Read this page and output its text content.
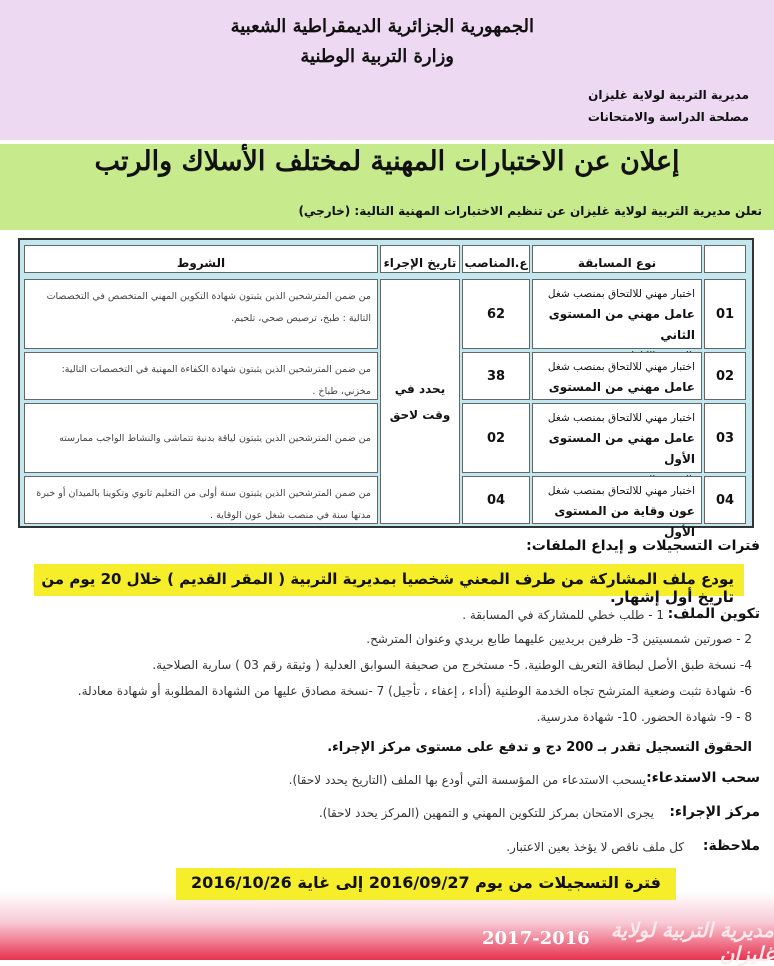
الجمهورية الجزائرية الديمقراطية الشعبية
وزارة التربية الوطنية
مديرية التربية لولاية غليزان
مصلحة الدراسة والامتحانات
إعلان عن الاختبارات المهنية لمختلف الأسلاك والرتب
تعلن مديرية التربية لولاية غليزان عن تنظيم الاختبارات المهنية التالية: (خارجي)
نوع المسابقة
ع.المناصب
تاريخ الإجراء
الشروط
01
اختبار مهني للالتحاق بمنصب شغل
عامل مهني من المستوى الثاني
62
من ضمن المترشحين الذين يثبتون شهادة التكوين المهني المتخصص في التخصصات التالية : طبخ، ترصيص صحي، تلحيم.
02
اختبار مهني للالتحاق بمنصب شغل
عامل مهني من المستوى
38
من ضمن المترشحين الذين يثبتون شهادة الكفاءة المهنية في التخصصات التالية: مخزني، طباخ .
03
اختبار مهني للالتحاق بمنصب شغل
عامل مهني من المستوى الأول
02
من ضمن المترشحين الذين يثبتون لياقة بدنية تتماشى والنشاط الواجب ممارسته
04
اختبار مهني للالتحاق بمنصب شغل
عون وقاية من المستوى الأول
04
من ضمن المترشحين الذين يثبتون سنة أولى من التعليم ثانوي وتكوينا بالميدان أو خبرة مدتها سنة في منصب شغل عون الوقاية .
يحدد في وقت لاحق
فترات التسجيلات و إيداع الملفات:
يودع ملف المشاركة من طرف المعني شخصيا بمديرية التربية ( المقر القديم ) خلال 20 يوم من تاريخ أول إشهار.
تكوين الملف:
1 - طلب خطي للمشاركة في المسابقة .
2 - صورتين شمسيتين 3- ظرفين بريديين عليهما طابع بريدي وعنوان المترشح.
4- نسخة طبق الأصل لبطاقة التعريف الوطنية. 5- مستخرج من صحيفة السوابق العدلية ( وثيقة رقم 03 ) سارية الصلاحية.
6- شهادة تثبت وضعية المترشح تجاه الخدمة الوطنية (أداء ، إعفاء ، تأجيل) 7 -نسخة مصادق عليها من الشهادة المطلوبة أو شهادة معادلة.
8 - 9- شهادة الحضور. 10- شهادة مدرسية.
الحقوق التسجيل تقدر بـ 200 دج و تدفع على مستوى مركز الإجراء.
سحب الاستدعاء:
يسحب الاستدعاء من المؤسسة التي أودع بها الملف (التاريخ يحدد لاحقا).
مركز الإجراء:
يجرى الامتحان بمركز للتكوين المهني و التمهين (المركز يحدد لاحقا).
ملاحظة:
كل ملف ناقص لا يؤخذ بعين الاعتبار.
فترة التسجيلات من يوم 2016/09/27 إلى غاية 2016/10/26
2017-2016	مديرية التربية لولاية غليزان
